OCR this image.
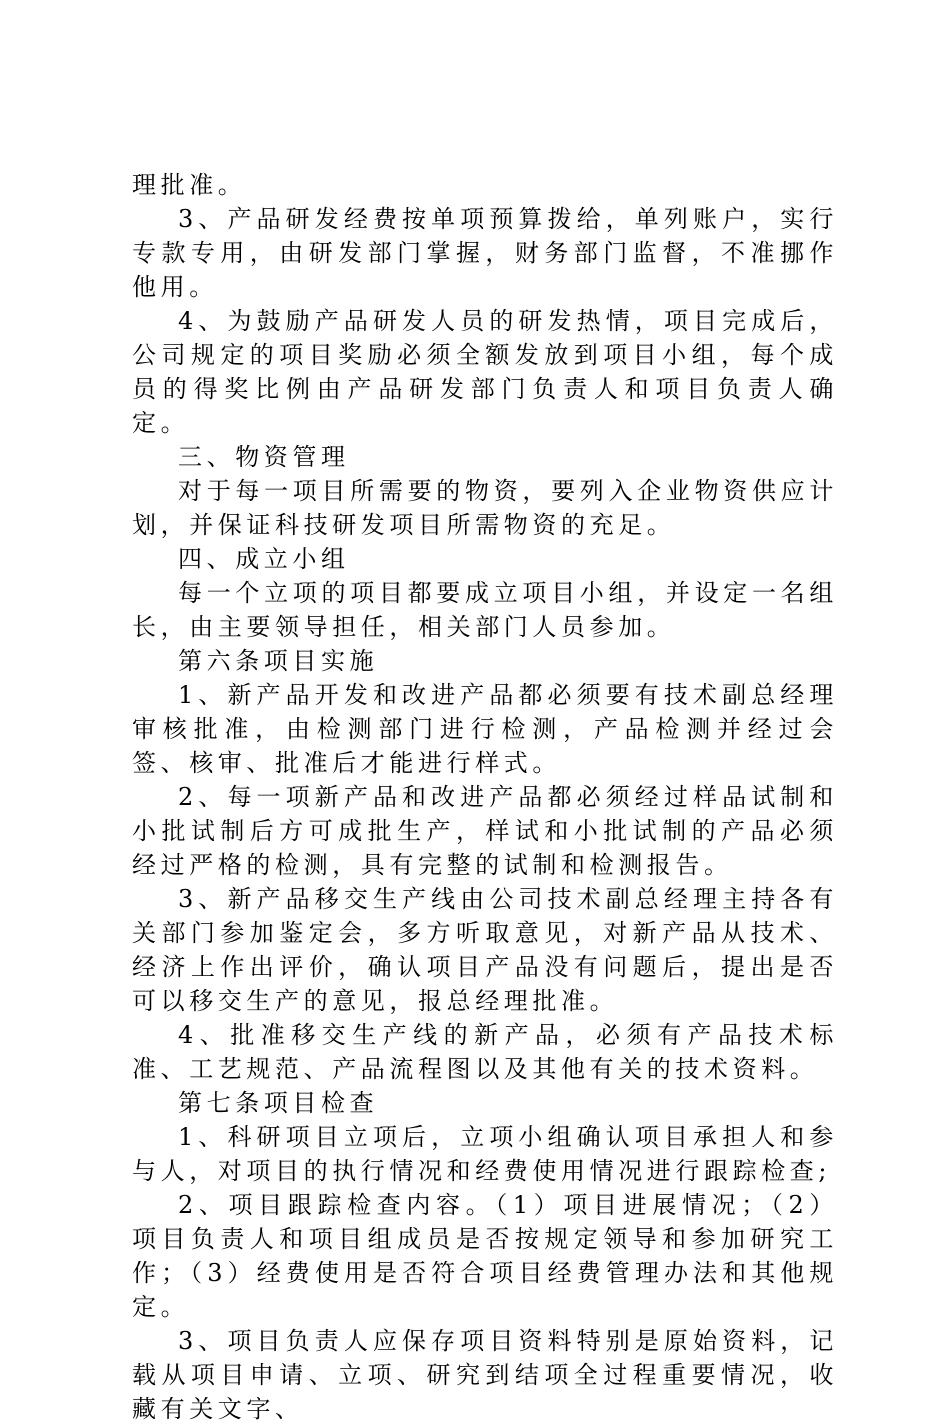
理批准。

3、产品研发经费按单项预算拨给，单列账户，实行专款专用，由研发部门掌握，财务部门监督，不准挪作他用。

4、为鼓励产品研发人员的研发热情，项目完成后，公司规定的项目奖励必须全额发放到项目小组，每个成员的得奖比例由产品研发部门负责人和项目负责人确定。

三、物资管理

对于每一项目所需要的物资，要列入企业物资供应计划，并保证科技研发项目所需物资的充足。

四、成立小组

每一个立项的项目都要成立项目小组，并设定一名组长，由主要领导担任，相关部门人员参加。

第六条项目实施

1、新产品开发和改进产品都必须要有技术副总经理审核批准，由检测部门进行检测，产品检测并经过会签、核审、批准后才能进行样式。

2、每一项新产品和改进产品都必须经过样品试制和小批试制后方可成批生产，样试和小批试制的产品必须经过严格的检测，具有完整的试制和检测报告。

3、新产品移交生产线由公司技术副总经理主持各有关部门参加鉴定会，多方听取意见，对新产品从技术、经济上作出评价，确认项目产品没有问题后，提出是否可以移交生产的意见，报总经理批准。

4、批准移交生产线的新产品，必须有产品技术标准、工艺规范、产品流程图以及其他有关的技术资料。

第七条项目检查

1、科研项目立项后，立项小组确认项目承担人和参与人，对项目的执行情况和经费使用情况进行跟踪检查;

2、项目跟踪检查内容。（1）项目进展情况；（2）项目负责人和项目组成员是否按规定领导和参加研究工作；（3）经费使用是否符合项目经费管理办法和其他规定。

3、项目负责人应保存项目资料特别是原始资料，记载从项目申请、立项、研究到结项全过程重要情况，收藏有关文字、
